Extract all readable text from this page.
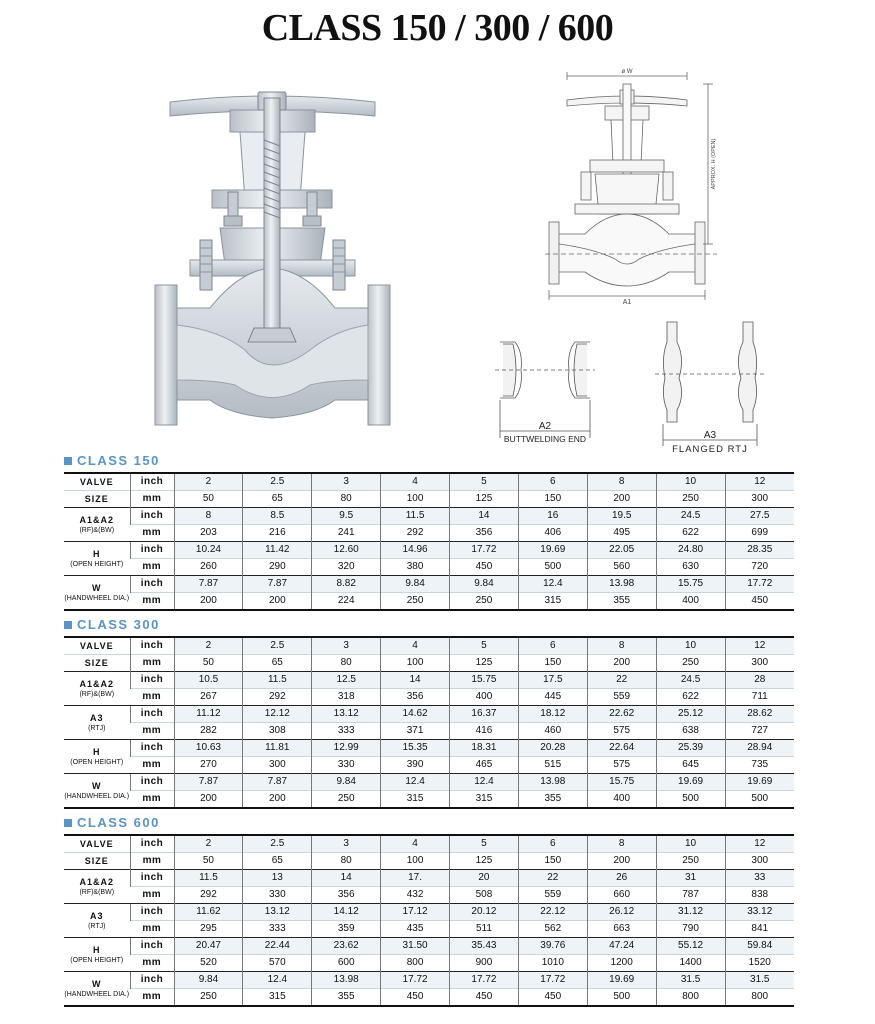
CLASS 150 / 300 / 600
ø W
A1
APPROX. H (OPEN)
A2
BUTTWELDING END	A3
FLANGED RTJ
CLASS 150
CLASS 300
CLASS 600
VALVE	inch	2	2.5	3	4	5	6	8	10	12
SIZE	mm	50	65	80	100	125	150	200	250	300
A1&A2
(RF)&(BW)	inch	8	8.5	9.5	11.5	14	16	19.5	24.5	27.5
	mm	203	216	241	292	356	406	495	622	699
H
(OPEN HEIGHT)	inch	10.24	11.42	12.60	14.96	17.72	19.69	22.05	24.80	28.35
	mm	260	290	320	380	450	500	560	630	720
W
(HANDWHEEL DIA.)	inch	7.87	7.87	8.82	9.84	9.84	12.4	13.98	15.75	17.72
	mm	200	200	224	250	250	315	355	400	450
VALVE	inch	2	2.5	3	4	5	6	8	10	12
SIZE	mm	50	65	80	100	125	150	200	250	300
A1&A2
(RF)&(BW)	inch	10.5	11.5	12.5	14	15.75	17.5	22	24.5	28
	mm	267	292	318	356	400	445	559	622	711
A3
(RTJ)	inch	11.12	12.12	13.12	14.62	16.37	18.12	22.62	25.12	28.62
	mm	282	308	333	371	416	460	575	638	727
H
(OPEN HEIGHT)	inch	10.63	11.81	12.99	15.35	18.31	20.28	22.64	25.39	28.94
	mm	270	300	330	390	465	515	575	645	735
W
(HANDWHEEL DIA.)	inch	7.87	7.87	9.84	12.4	12.4	13.98	15.75	19.69	19.69
	mm	200	200	250	315	315	355	400	500	500
VALVE	inch	2	2.5	3	4	5	6	8	10	12
SIZE	mm	50	65	80	100	125	150	200	250	300
A1&A2
(RF)&(BW)	inch	11.5	13	14	17.	20	22	26	31	33
	mm	292	330	356	432	508	559	660	787	838
A3
(RTJ)	inch	11.62	13.12	14.12	17.12	20.12	22.12	26.12	31.12	33.12
	mm	295	333	359	435	511	562	663	790	841
H
(OPEN HEIGHT)	inch	20.47	22.44	23.62	31.50	35.43	39.76	47.24	55.12	59.84
	mm	520	570	600	800	900	1010	1200	1400	1520
W
(HANDWHEEL DIA.)	inch	9.84	12.4	13.98	17.72	17.72	17.72	19.69	31.5	31.5
	mm	250	315	355	450	450	450	500	800	800
